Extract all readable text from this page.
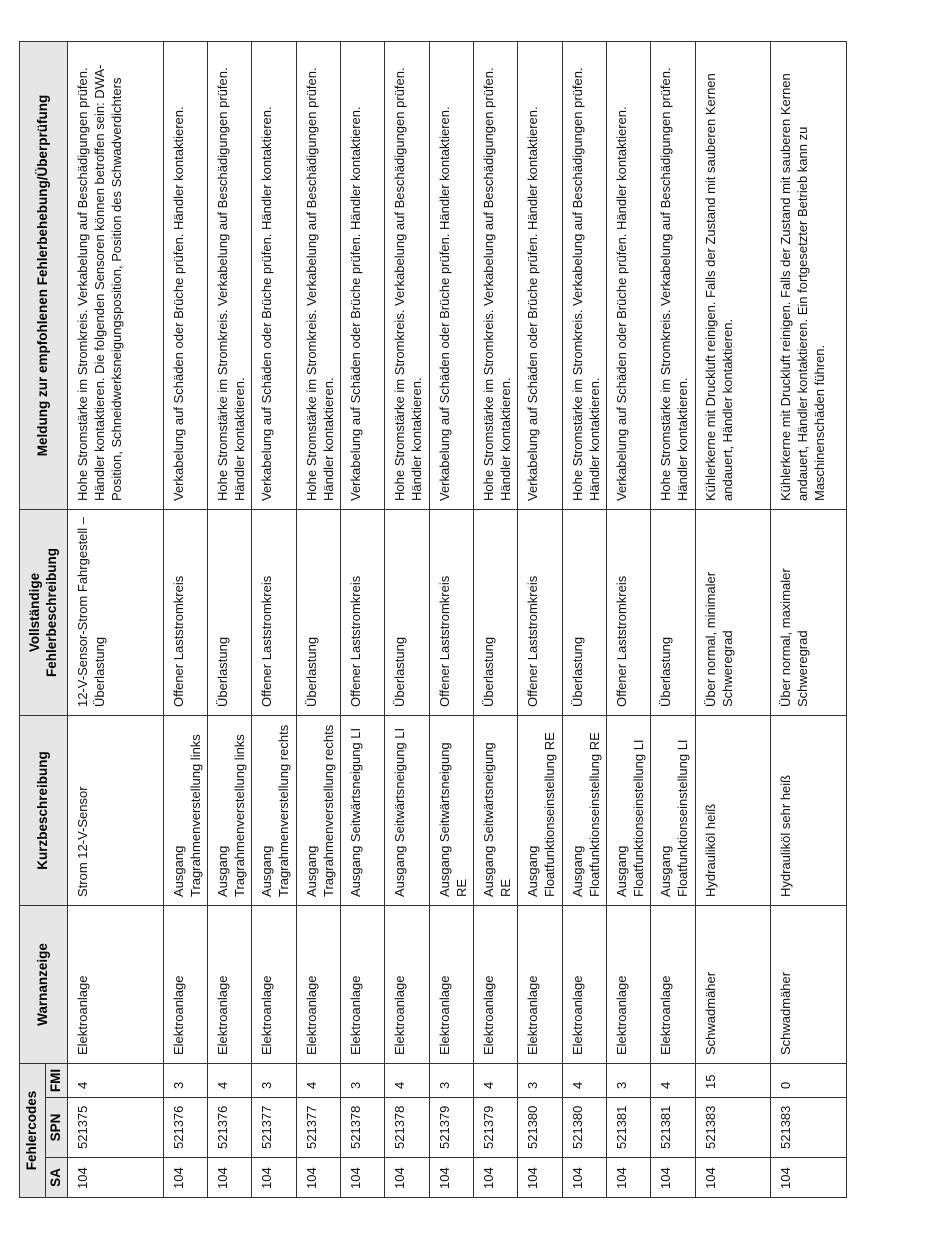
Fehlercodes			Warnanzeige	Kurzbeschreibung	Vollständige Fehlerbeschreibung	Meldung zur empfohlenen Fehlerbehebung/Überprüfung
SA	SPN	FMI				
104	521375	4	Elektroanlage	Strom 12-V-Sensor	12-V-Sensor-Strom Fahrgestell – Überlastung	Hohe Stromstärke im Stromkreis. Verkabelung auf Beschädigungen prüfen. Händler kontaktieren. Die folgenden Sensoren können betroffen sein: DWA-Position, Schneidwerksneigungsposition, Position des Schwadverdichters
104	521376	3	Elektroanlage	Ausgang Tragrahmenverstellung links	Offener Laststromkreis	Verkabelung auf Schäden oder Brüche prüfen. Händler kontaktieren.
104	521376	4	Elektroanlage	Ausgang Tragrahmenverstellung links	Überlastung	Hohe Stromstärke im Stromkreis. Verkabelung auf Beschädigungen prüfen. Händler kontaktieren.
104	521377	3	Elektroanlage	Ausgang Tragrahmenverstellung rechts	Offener Laststromkreis	Verkabelung auf Schäden oder Brüche prüfen. Händler kontaktieren.
104	521377	4	Elektroanlage	Ausgang Tragrahmenverstellung rechts	Überlastung	Hohe Stromstärke im Stromkreis. Verkabelung auf Beschädigungen prüfen. Händler kontaktieren.
104	521378	3	Elektroanlage	Ausgang Seitwärtsneigung LI	Offener Laststromkreis	Verkabelung auf Schäden oder Brüche prüfen. Händler kontaktieren.
104	521378	4	Elektroanlage	Ausgang Seitwärtsneigung LI	Überlastung	Hohe Stromstärke im Stromkreis. Verkabelung auf Beschädigungen prüfen. Händler kontaktieren.
104	521379	3	Elektroanlage	Ausgang Seitwärtsneigung RE	Offener Laststromkreis	Verkabelung auf Schäden oder Brüche prüfen. Händler kontaktieren.
104	521379	4	Elektroanlage	Ausgang Seitwärtsneigung RE	Überlastung	Hohe Stromstärke im Stromkreis. Verkabelung auf Beschädigungen prüfen. Händler kontaktieren.
104	521380	3	Elektroanlage	Ausgang Floatfunktionseinstellung RE	Offener Laststromkreis	Verkabelung auf Schäden oder Brüche prüfen. Händler kontaktieren.
104	521380	4	Elektroanlage	Ausgang Floatfunktionseinstellung RE	Überlastung	Hohe Stromstärke im Stromkreis. Verkabelung auf Beschädigungen prüfen. Händler kontaktieren.
104	521381	3	Elektroanlage	Ausgang Floatfunktionseinstellung LI	Offener Laststromkreis	Verkabelung auf Schäden oder Brüche prüfen. Händler kontaktieren.
104	521381	4	Elektroanlage	Ausgang Floatfunktionseinstellung LI	Überlastung	Hohe Stromstärke im Stromkreis. Verkabelung auf Beschädigungen prüfen. Händler kontaktieren.
104	521383	15	Schwadmäher	Hydrauliköl heiß	Über normal, minimaler Schweregrad	Kühlerkerne mit Druckluft reinigen. Falls der Zustand mit sauberen Kernen andauert, Händler kontaktieren.
104	521383	0	Schwadmäher	Hydrauliköl sehr heiß	Über normal, maximaler Schweregrad	Kühlerkerne mit Druckluft reinigen. Falls der Zustand mit sauberen Kernen andauert, Händler kontaktieren. Ein fortgesetzter Betrieb kann zu Maschinenschäden führen.
